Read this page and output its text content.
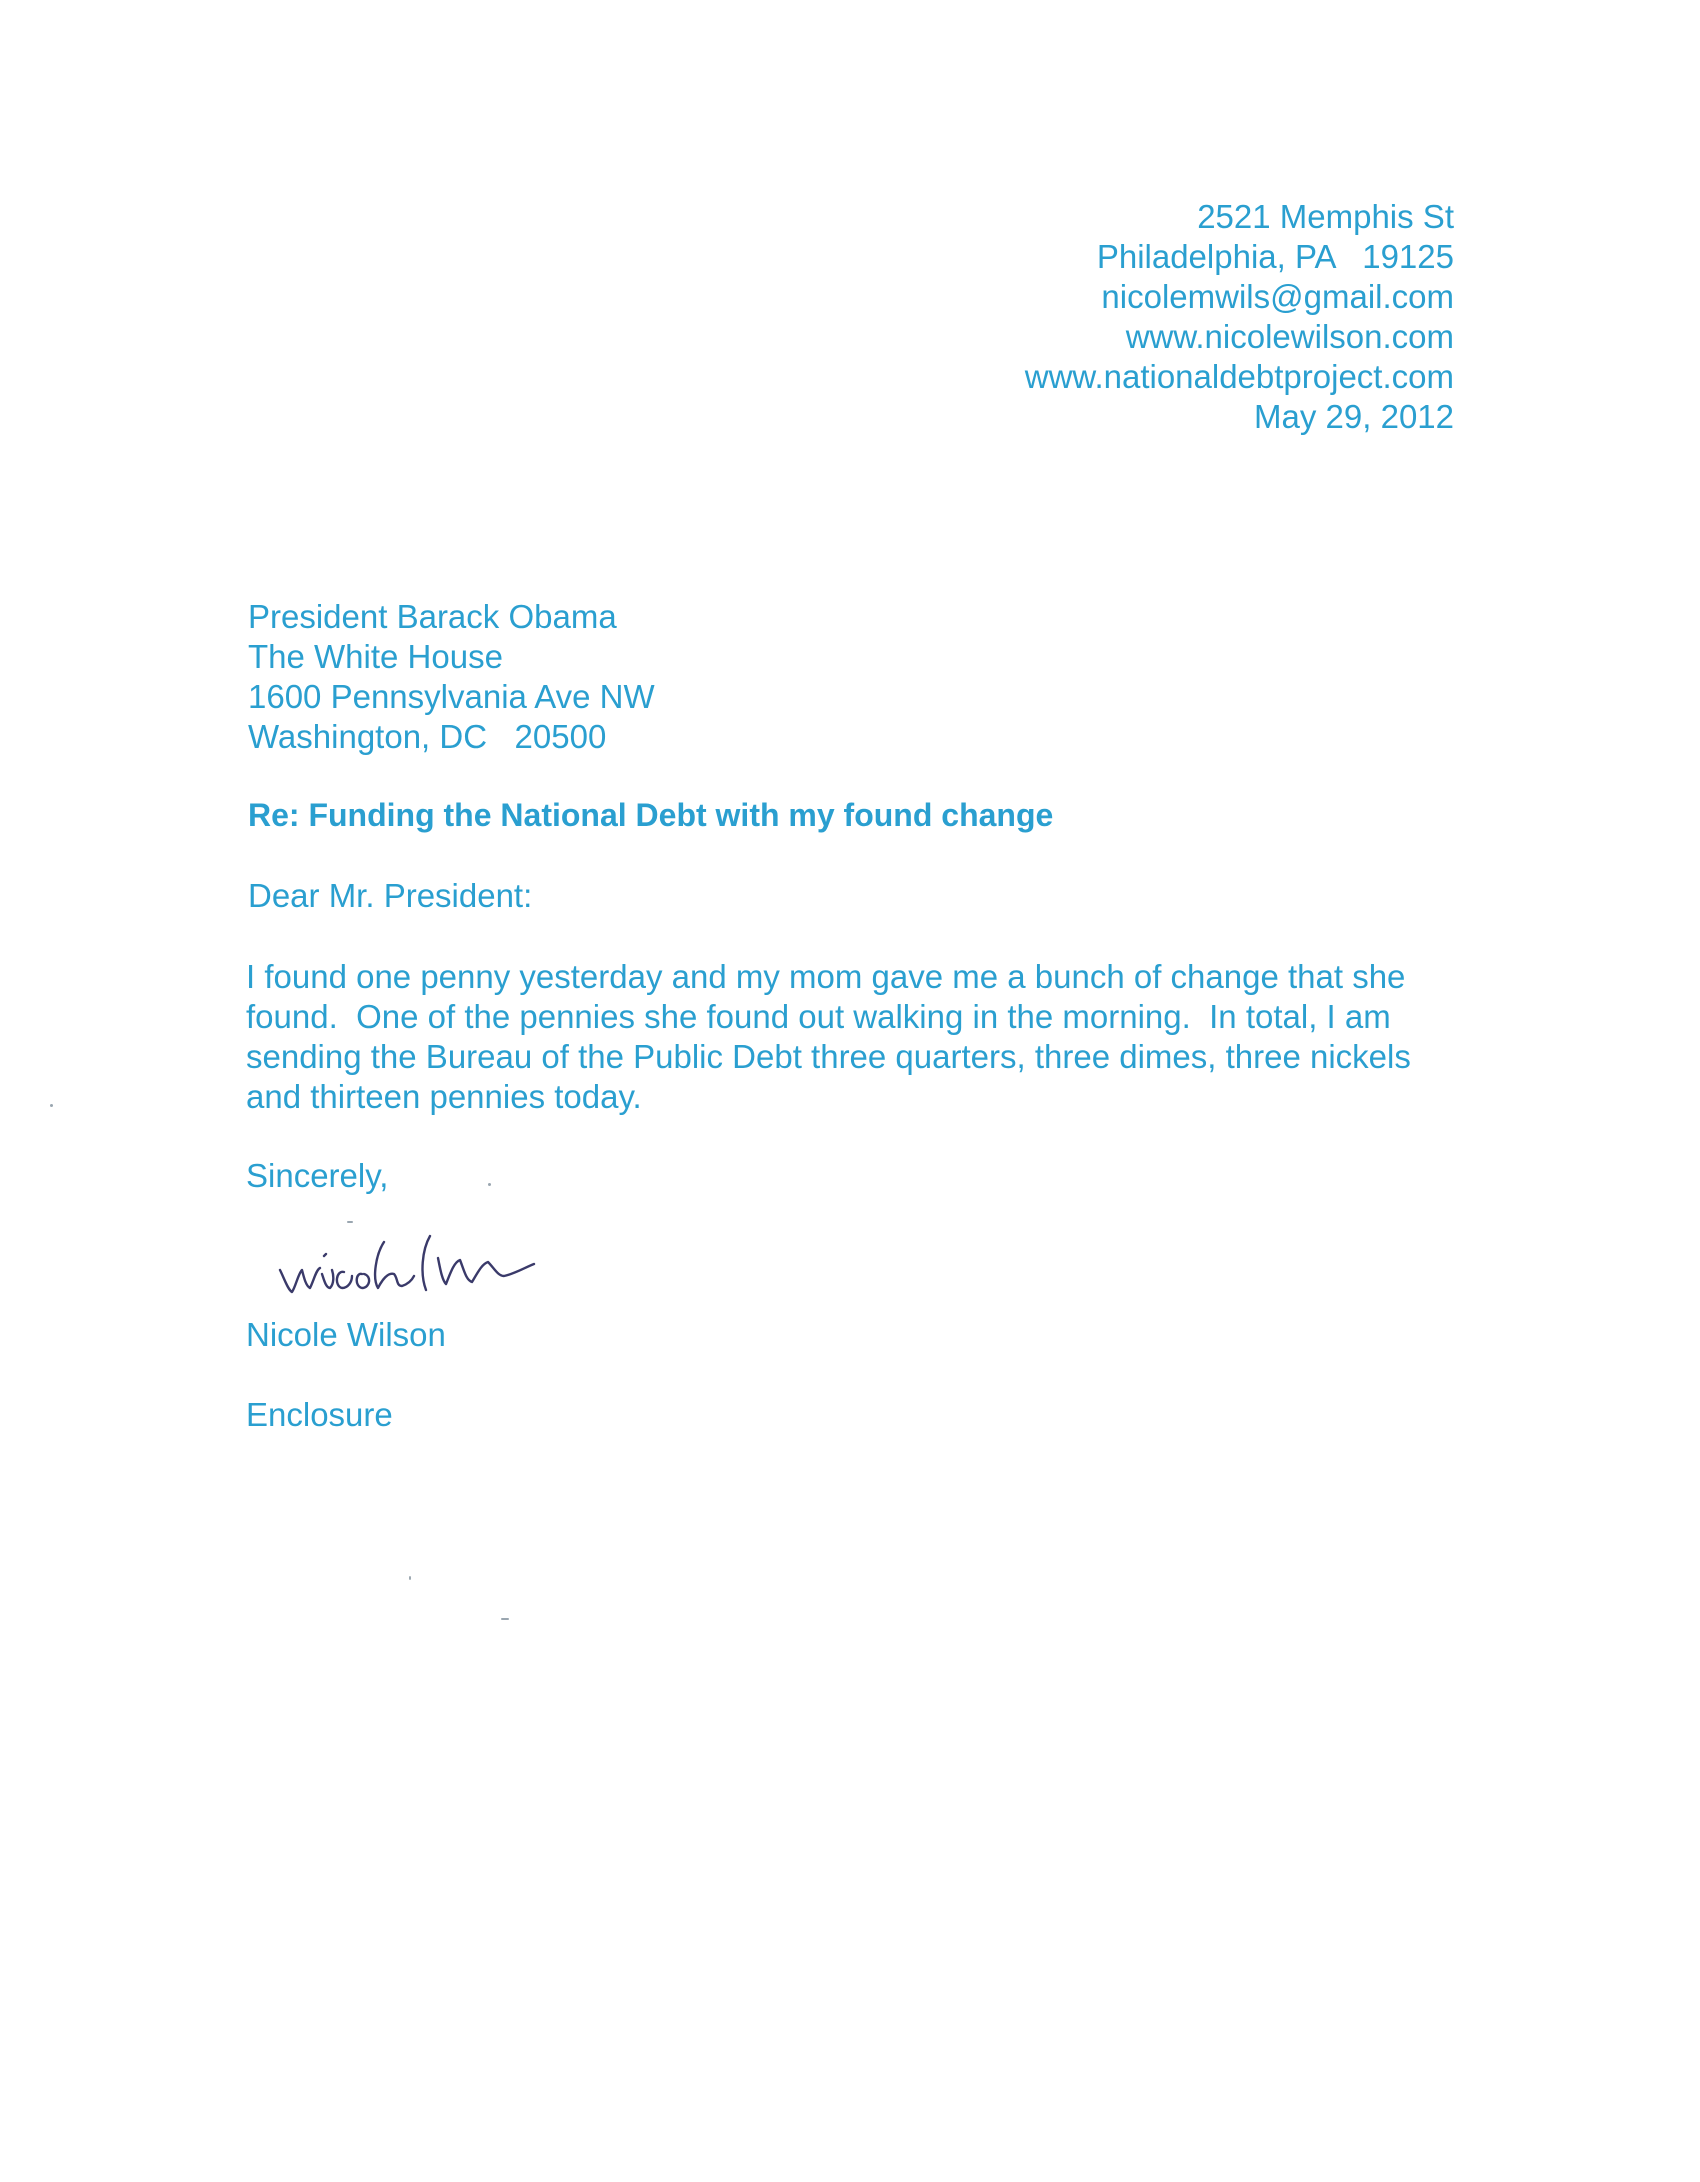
2521 Memphis St
Philadelphia, PA   19125
nicolemwils@gmail.com
www.nicolewilson.com
www.nationaldebtproject.com
May 29, 2012
President Barack Obama
The White House
1600 Pennsylvania Ave NW
Washington, DC   20500
Re: Funding the National Debt with my found change
Dear Mr. President:
I found one penny yesterday and my mom gave me a bunch of change that she
found.  One of the pennies she found out walking in the morning.  In total, I am
sending the Bureau of the Public Debt three quarters, three dimes, three nickels
and thirteen pennies today.
Sincerely,
Nicole Wilson
Enclosure
